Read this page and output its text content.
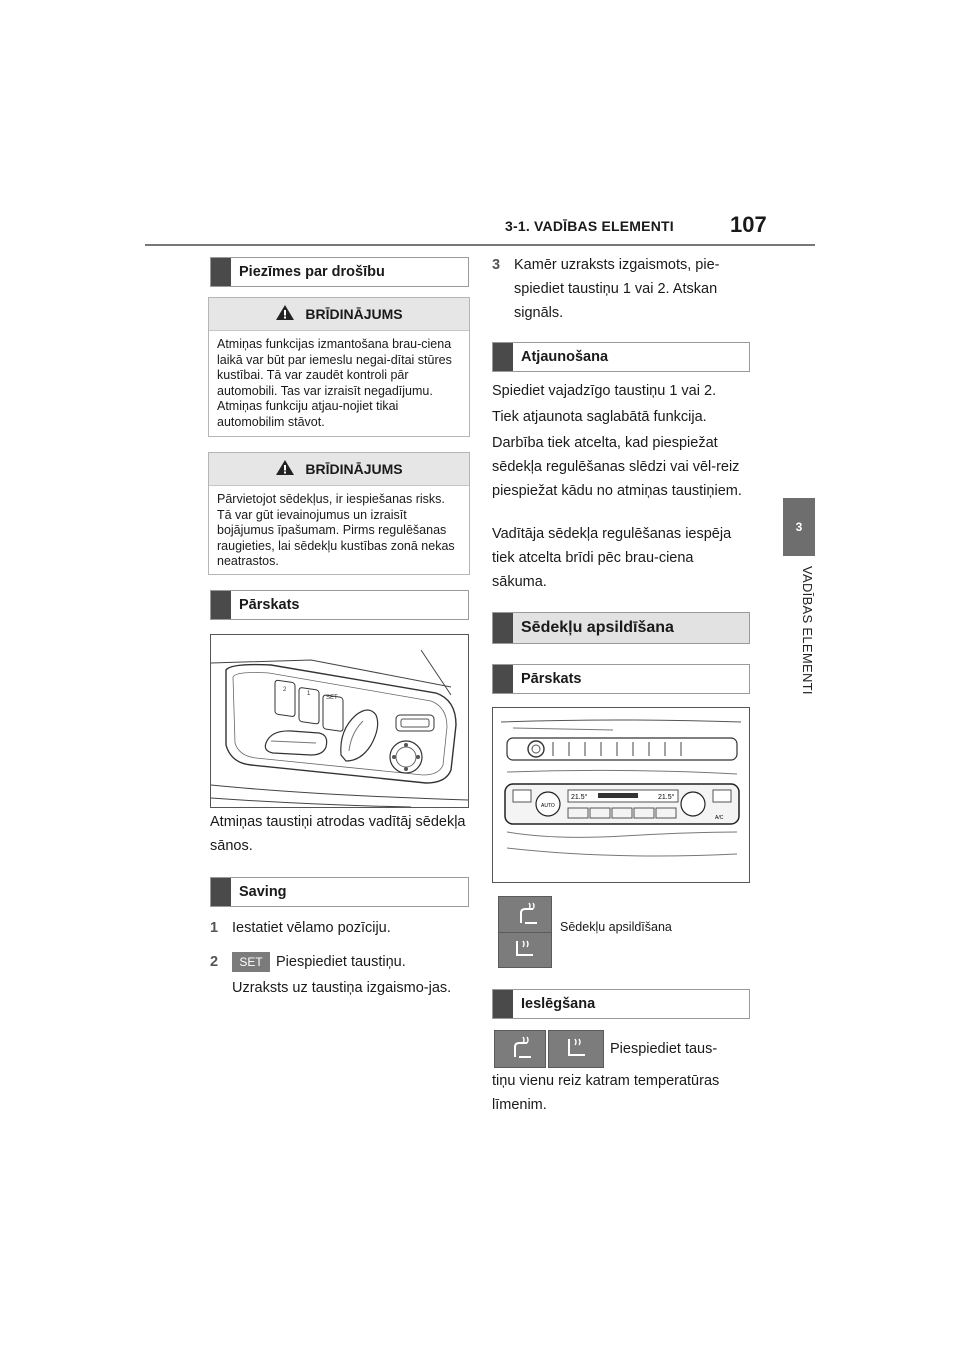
3-1. VADĪBAS ELEMENTI	107
3
VADĪBAS ELEMENTI
Piezīmes par drošību
BRĪDINĀJUMS
Atmiņas funkcijas izmantošana brau-ciena laikā var būt par iemeslu negai-dītai stūres kustībai. Tā var zaudēt kontroli pār automobili. Tas var izraisīt negadījumu. Atmiņas funkciju atjau-nojiet tikai automobilim stāvot.
BRĪDINĀJUMS
Pārvietojot sēdekļus, ir iespiešanas risks. Tā var gūt ievainojumus un izraisīt bojājumus īpašumam. Pirms regulēšanas raugieties, lai sēdekļu kustības zonā nekas neatrastos.
Pārskats
2
1
SET
Atmiņas taustiņi atrodas vadītāj sēdekļa sānos.
Saving
1 Iestatiet vēlamo pozīciju.
2 SET Piespiediet taustiņu.
Uzraksts uz taustiņa izgaismo-jas.
3 Kamēr uzraksts izgaismots, pie-spiediet taustiņu 1 vai 2. Atskan signāls.
Atjaunošana
Spiediet vajadzīgo taustiņu 1 vai 2.
Tiek atjaunota saglabātā funkcija.
Darbība tiek atcelta, kad piespiežat sēdekļa regulēšanas slēdzi vai vēl-reiz piespiežat kādu no atmiņas taustiņiem.
Vadītāja sēdekļa regulēšanas iespēja tiek atcelta brīdi pēc brau-ciena sākuma.
Sēdekļu apsildīšana
Pārskats
AUTO
21.5°	21.5°
A/C
Sēdekļu apsildīšana
Ieslēgšana
Piespiediet taus-
tiņu vienu reiz katram temperatūras līmenim.
